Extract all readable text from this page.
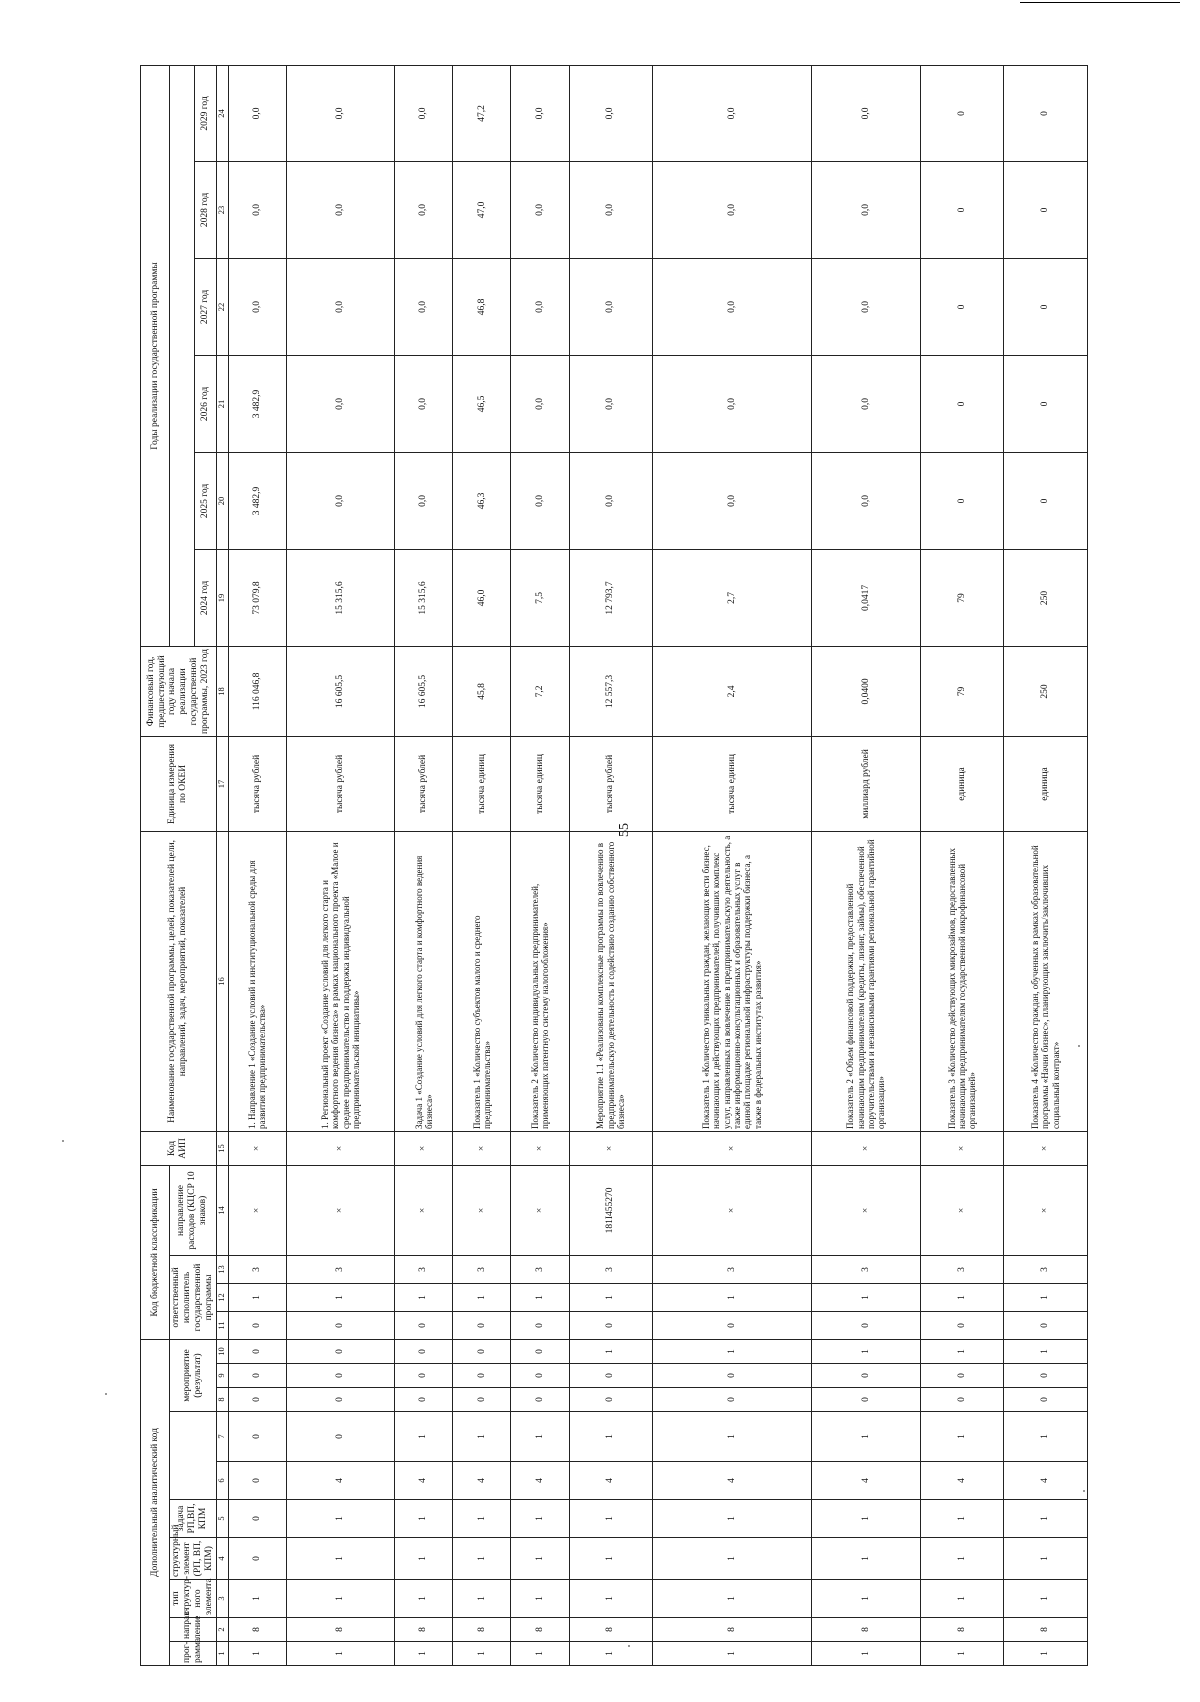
55
Дополнительный аналитический код										Код бюджетной классификации				Код АИП	Наименование государственной программы, целей, показателей цели, направлений, задач, мероприятий, показателей	Единица измерения по ОКЕИ	Финансовый год, предшествующий году начала реализации государственной программы, 2023 год	Годы реализации государственной программы					
прог-рамма	направ-ление	тип структур-ного элемента	структурный элемент (РП, ВП, КПМ)	задача РП,ВП, КПМ			мероприятие (результат)			ответственный исполнитель государственной программы			направление расходов (КЦСР 10 знаков)										
																		2024 год	2025 год	2026 год	2027 год	2028 год	2029 год
1	2	3	4	5	6	7	8	9	10	11	12	13	14	15	16	17	18	19	20	21	22	23	24
1	8	1	0	0	0	0	0	0	0	0	1	3	×	×	1. Направление 1 «Создание условий и институциональной среды для развития предпринимательства»	тысяча рублей	116 046,8	73 079,8	3 482,9	3 482,9	0,0	0,0	0,0
1	8	1	1	1	4	0	0	0	0	0	1	3	×	×	1. Региональный проект «Создание условий для легкого старта и комфортного ведения бизнеса» в рамках национального проекта «Малое и среднее предпринимательство и поддержка индивидуальной предпринимательской инициативы»	тысяча рублей	16 605,5	15 315,6	0,0	0,0	0,0	0,0	0,0
1	8	1	1	1	4	1	0	0	0	0	1	3	×	×	Задача 1 «Создание условий для легкого старта и комфортного ведения бизнеса»	тысяча рублей	16 605,5	15 315,6	0,0	0,0	0,0	0,0	0,0
1	8	1	1	1	4	1	0	0	0	0	1	3	×	×	Показатель 1 «Количество субъектов малого и среднего предпринимательства»	тысяча единиц	45,8	46,0	46,3	46,5	46,8	47,0	47,2
1	8	1	1	1	4	1	0	0	0	0	1	3	×	×	Показатель 2 «Количество индивидуальных предпринимателей, применяющих патентную систему налогообложения»	тысяча единиц	7,2	7,5	0,0	0,0	0,0	0,0	0,0
1	8	1	1	1	4	1	0	0	1	0	1	3	181I455270	×	Мероприятие 1.1 «Реализованы комплексные программы по вовлечению в предпринимательскую деятельность и содействию созданию собственного бизнеса»	тысяча рублей	12 557,3	12 793,7	0,0	0,0	0,0	0,0	0,0
1	8	1	1	1	4	1	0	0	1	0	1	3	×	×	Показатель 1 «Количество уникальных граждан, желающих вести бизнес, начинающих и действующих предпринимателей, получивших комплекс услуг, направленных на вовлечение в предпринимательскую деятельность, а также информационно-консультационных и образовательных услуг в единой площадке региональной инфраструктуры поддержки бизнеса, а также в федеральных институтах развития»	тысяча единиц	2,4	2,7	0,0	0,0	0,0	0,0	0,0
1	8	1	1	1	4	1	0	0	1	0	1	3	×	×	Показатель 2 «Объем финансовой поддержки, предоставленной начинающим предпринимателям (кредиты, лизинг, займы), обеспеченной поручительствами и независимыми гарантиями региональной гарантийной организации»	миллиард рублей	0,0400	0,0417	0,0	0,0	0,0	0,0	0,0
1	8	1	1	1	4	1	0	0	1	0	1	3	×	×	Показатель 3 «Количество действующих микрозаймов, предоставленных начинающим предпринимателям государственной микрофинансовой организацией»	единица	79	79	0	0	0	0	0
1	8	1	1	1	4	1	0	0	1	0	1	3	×	×	Показатель 4 «Количество граждан, обученных в рамках образовательной программы «Начни бизнес», планирующих заключить/заключивших социальный контракт»	единица	250	250	0	0	0	0	0
